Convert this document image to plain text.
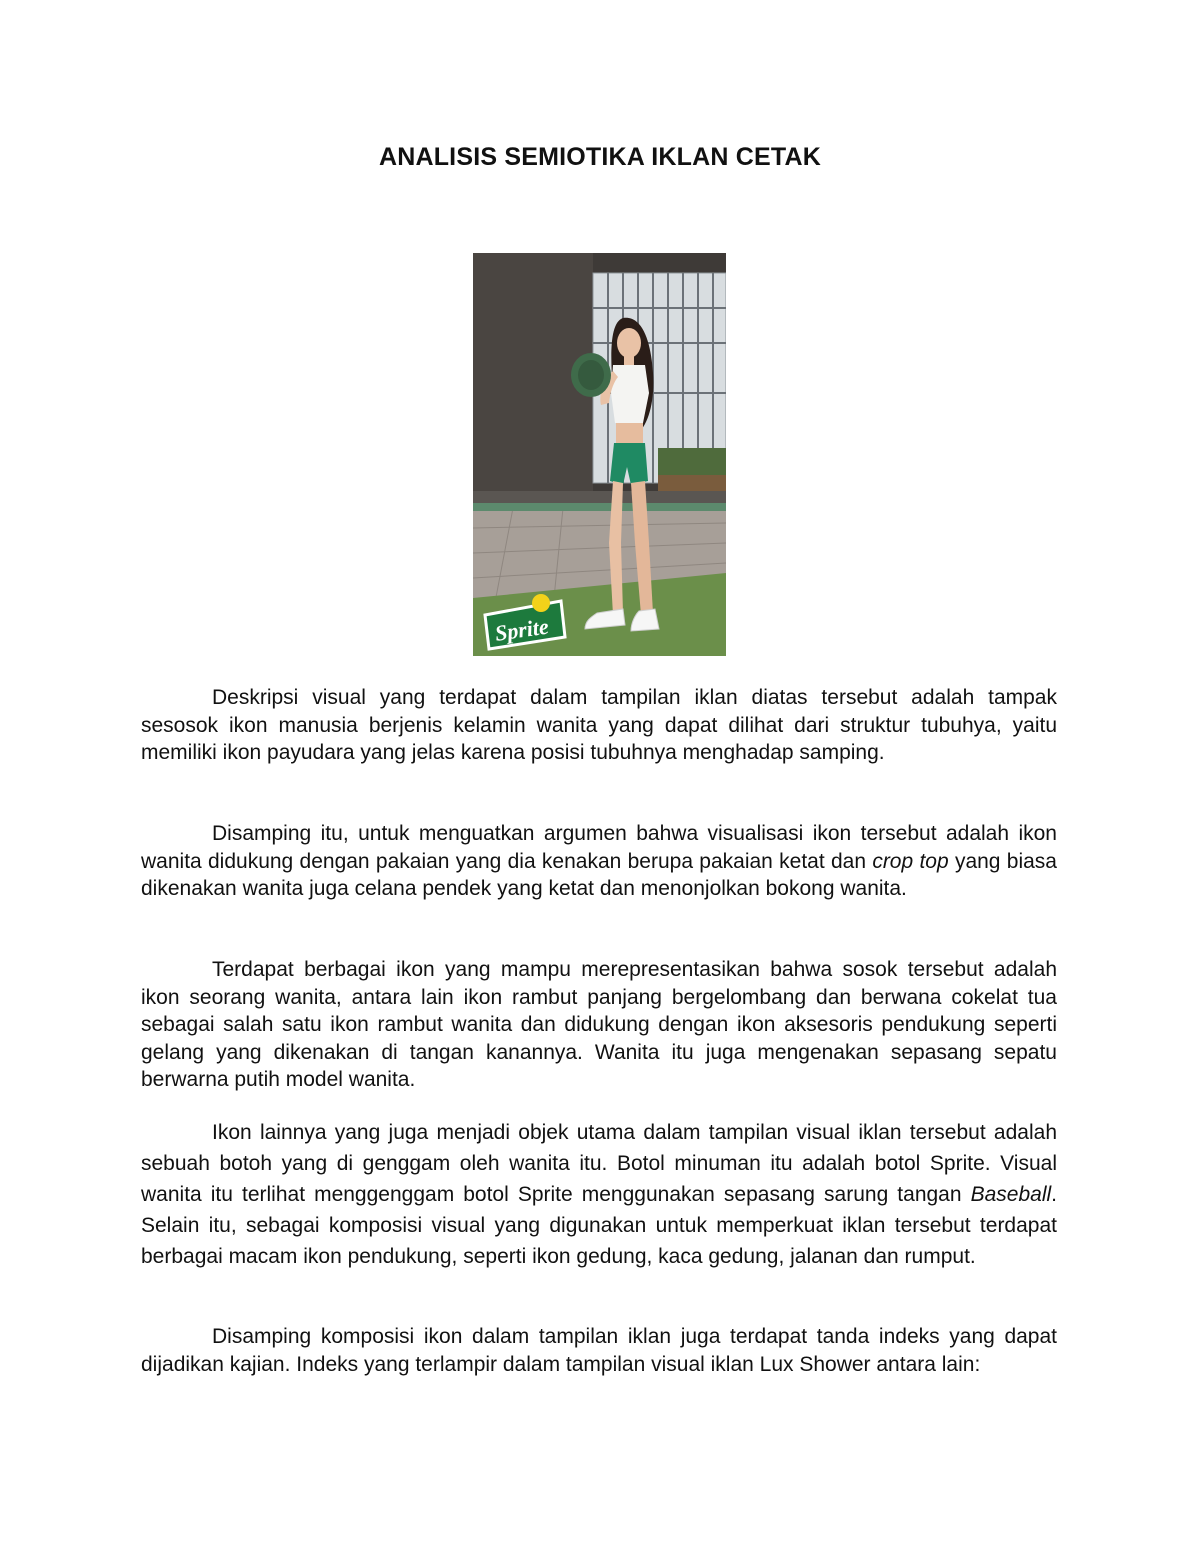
ANALISIS SEMIOTIKA IKLAN CETAK
Sprite

Deskripsi visual yang terdapat dalam tampilan iklan diatas tersebut adalah tampak sesosok ikon manusia berjenis kelamin wanita yang dapat dilihat dari struktur tubuhya, yaitu memiliki ikon payudara yang jelas karena posisi tubuhnya menghadap samping.

Disamping itu, untuk menguatkan argumen bahwa visualisasi ikon tersebut adalah ikon wanita didukung dengan pakaian yang dia kenakan berupa pakaian ketat dan crop top yang biasa dikenakan wanita juga celana pendek yang ketat dan menonjolkan bokong wanita.

Terdapat berbagai ikon yang mampu merepresentasikan bahwa sosok tersebut adalah ikon seorang wanita, antara lain ikon rambut panjang bergelombang dan berwana cokelat tua sebagai salah satu ikon rambut wanita dan didukung dengan ikon aksesoris pendukung seperti gelang yang dikenakan di tangan kanannya. Wanita itu juga mengenakan sepasang sepatu berwarna putih model wanita.

Ikon lainnya yang juga menjadi objek utama dalam tampilan visual iklan tersebut adalah sebuah botoh yang di genggam oleh wanita itu. Botol minuman itu adalah botol Sprite. Visual wanita itu terlihat menggenggam botol Sprite menggunakan sepasang sarung tangan Baseball. Selain itu, sebagai komposisi visual yang digunakan untuk memperkuat iklan tersebut terdapat berbagai macam ikon pendukung, seperti ikon gedung, kaca gedung, jalanan dan rumput.

Disamping komposisi ikon dalam tampilan iklan juga terdapat tanda indeks yang dapat dijadikan kajian. Indeks yang terlampir dalam tampilan visual iklan Lux Shower antara lain:
